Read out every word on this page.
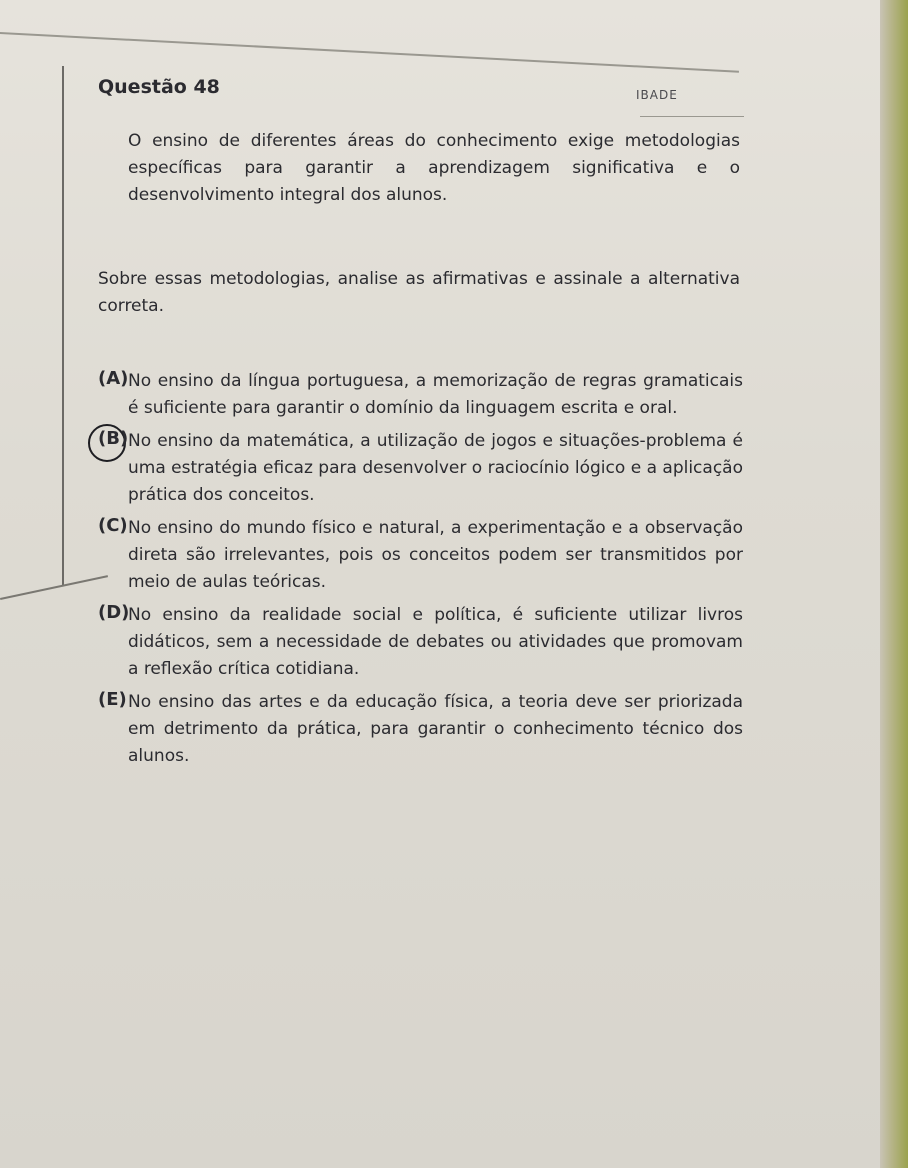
Questão 48	IBADE
O ensino de diferentes áreas do conhecimento exige metodologias específicas para garantir a aprendizagem significativa e o desenvolvimento integral dos alunos.
Sobre essas metodologias, analise as afirmativas e assinale a alternativa correta.
(A) No ensino da língua portuguesa, a memorização de regras gramaticais é suficiente para garantir o domínio da linguagem escrita e oral.
(B) No ensino da matemática, a utilização de jogos e situações-problema é uma estratégia eficaz para desenvolver o raciocínio lógico e a aplicação prática dos conceitos.
(C) No ensino do mundo físico e natural, a experimentação e a observação direta são irrelevantes, pois os conceitos podem ser transmitidos por meio de aulas teóricas.
(D)
No ensino da realidade social e política, é suficiente utilizar livros didáticos, sem a necessidade de debates ou atividades que promovam a reflexão crítica cotidiana.
(E) No ensino das artes e da educação física, a teoria deve ser priorizada em detrimento da prática, para garantir o conhecimento técnico dos alunos.
